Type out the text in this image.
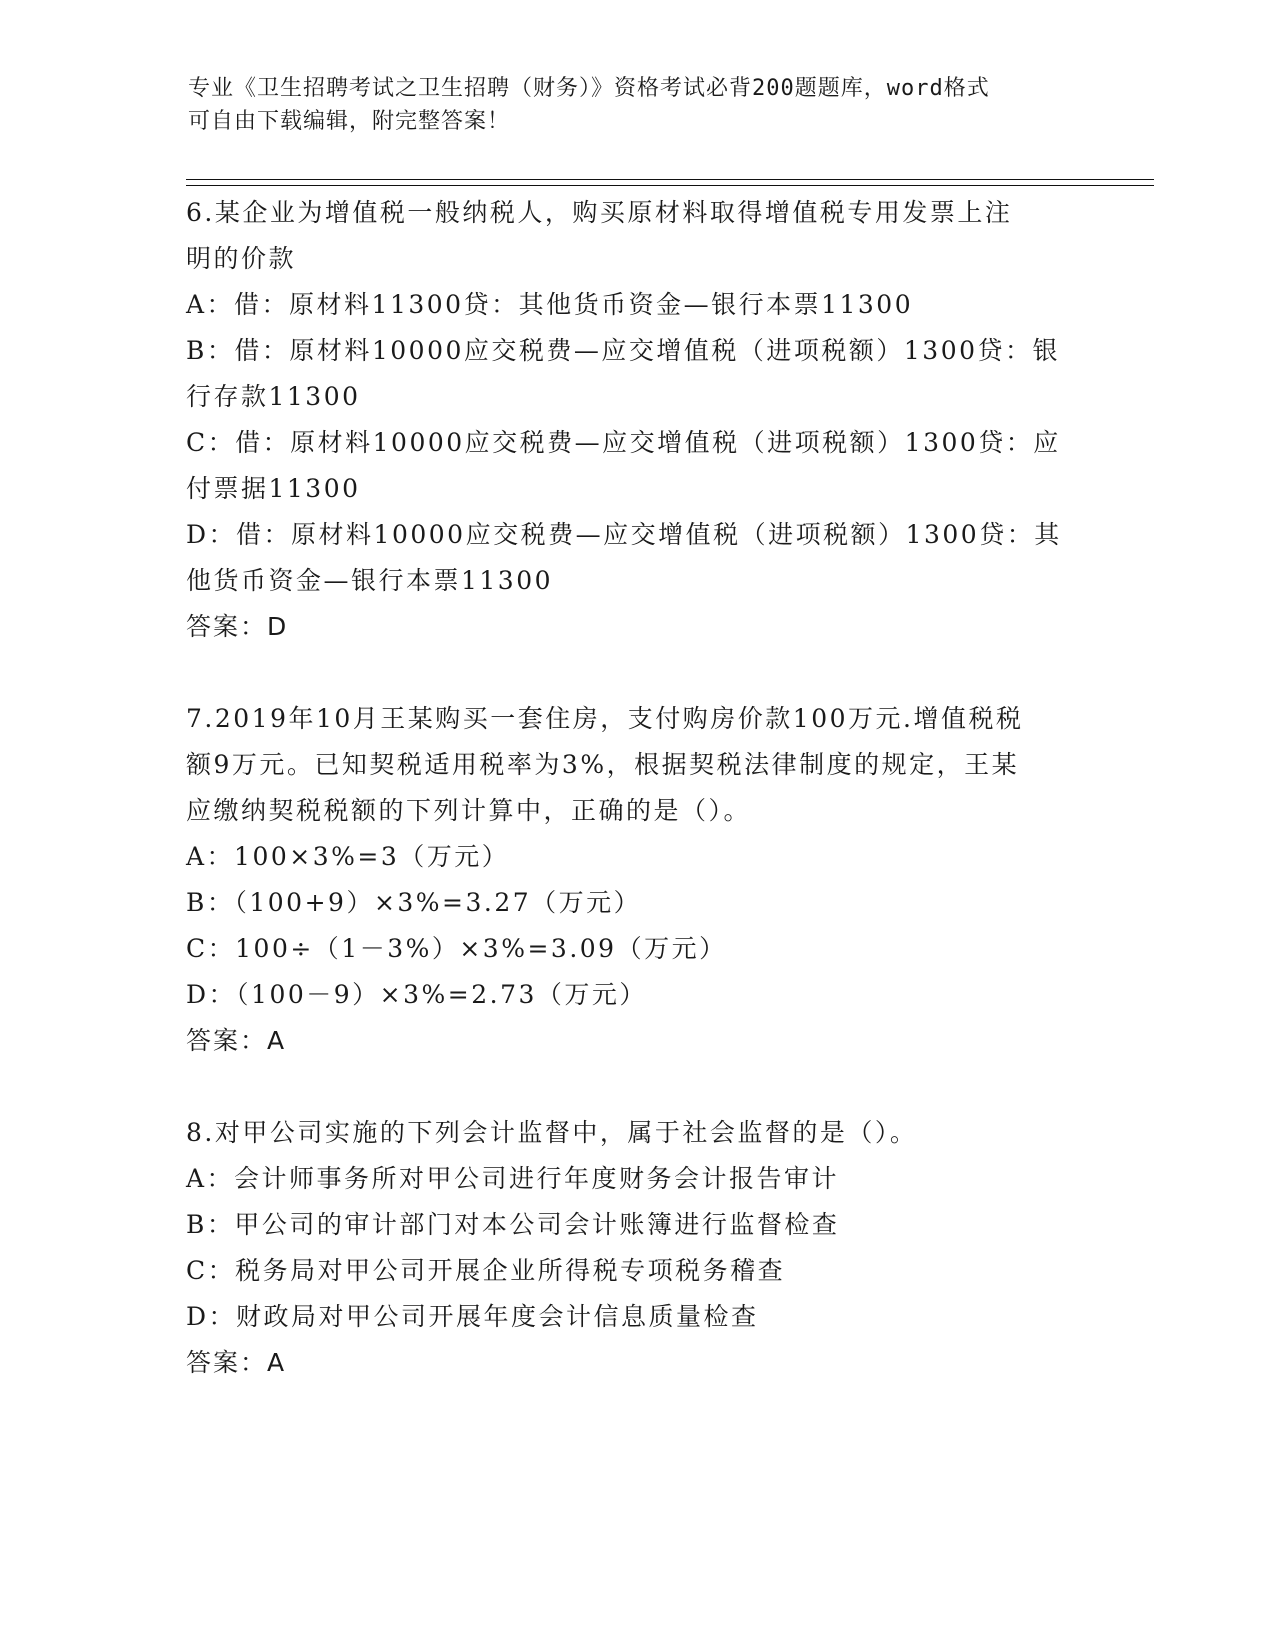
专业《卫生招聘考试之卫生招聘（财务）》资格考试必背200题题库，word格式
可自由下载编辑，附完整答案！

6.某企业为增值税一般纳税人，购买原材料取得增值税专用发票上注

明的价款

A：借：原材料11300贷：其他货币资金—银行本票11300

B：借：原材料10000应交税费—应交增值税（进项税额）1300贷：银

行存款11300

C：借：原材料10000应交税费—应交增值税（进项税额）1300贷：应

付票据11300

D：借：原材料10000应交税费—应交增值税（进项税额）1300贷：其

他货币资金—银行本票11300

答案：D

7.2019年10月王某购买一套住房，支付购房价款100万元.增值税税

额9万元。已知契税适用税率为3%，根据契税法律制度的规定，王某

应缴纳契税税额的下列计算中，正确的是（）。

A：100×3%=3（万元）

B：（100+9）×3%=3.27（万元）

C：100÷（1－3%）×3%=3.09（万元）

D：（100－9）×3%=2.73（万元）

答案：A

8.对甲公司实施的下列会计监督中，属于社会监督的是（）。

A：会计师事务所对甲公司进行年度财务会计报告审计

B：甲公司的审计部门对本公司会计账簿进行监督检查

C：税务局对甲公司开展企业所得税专项税务稽查

D：财政局对甲公司开展年度会计信息质量检查

答案：A
